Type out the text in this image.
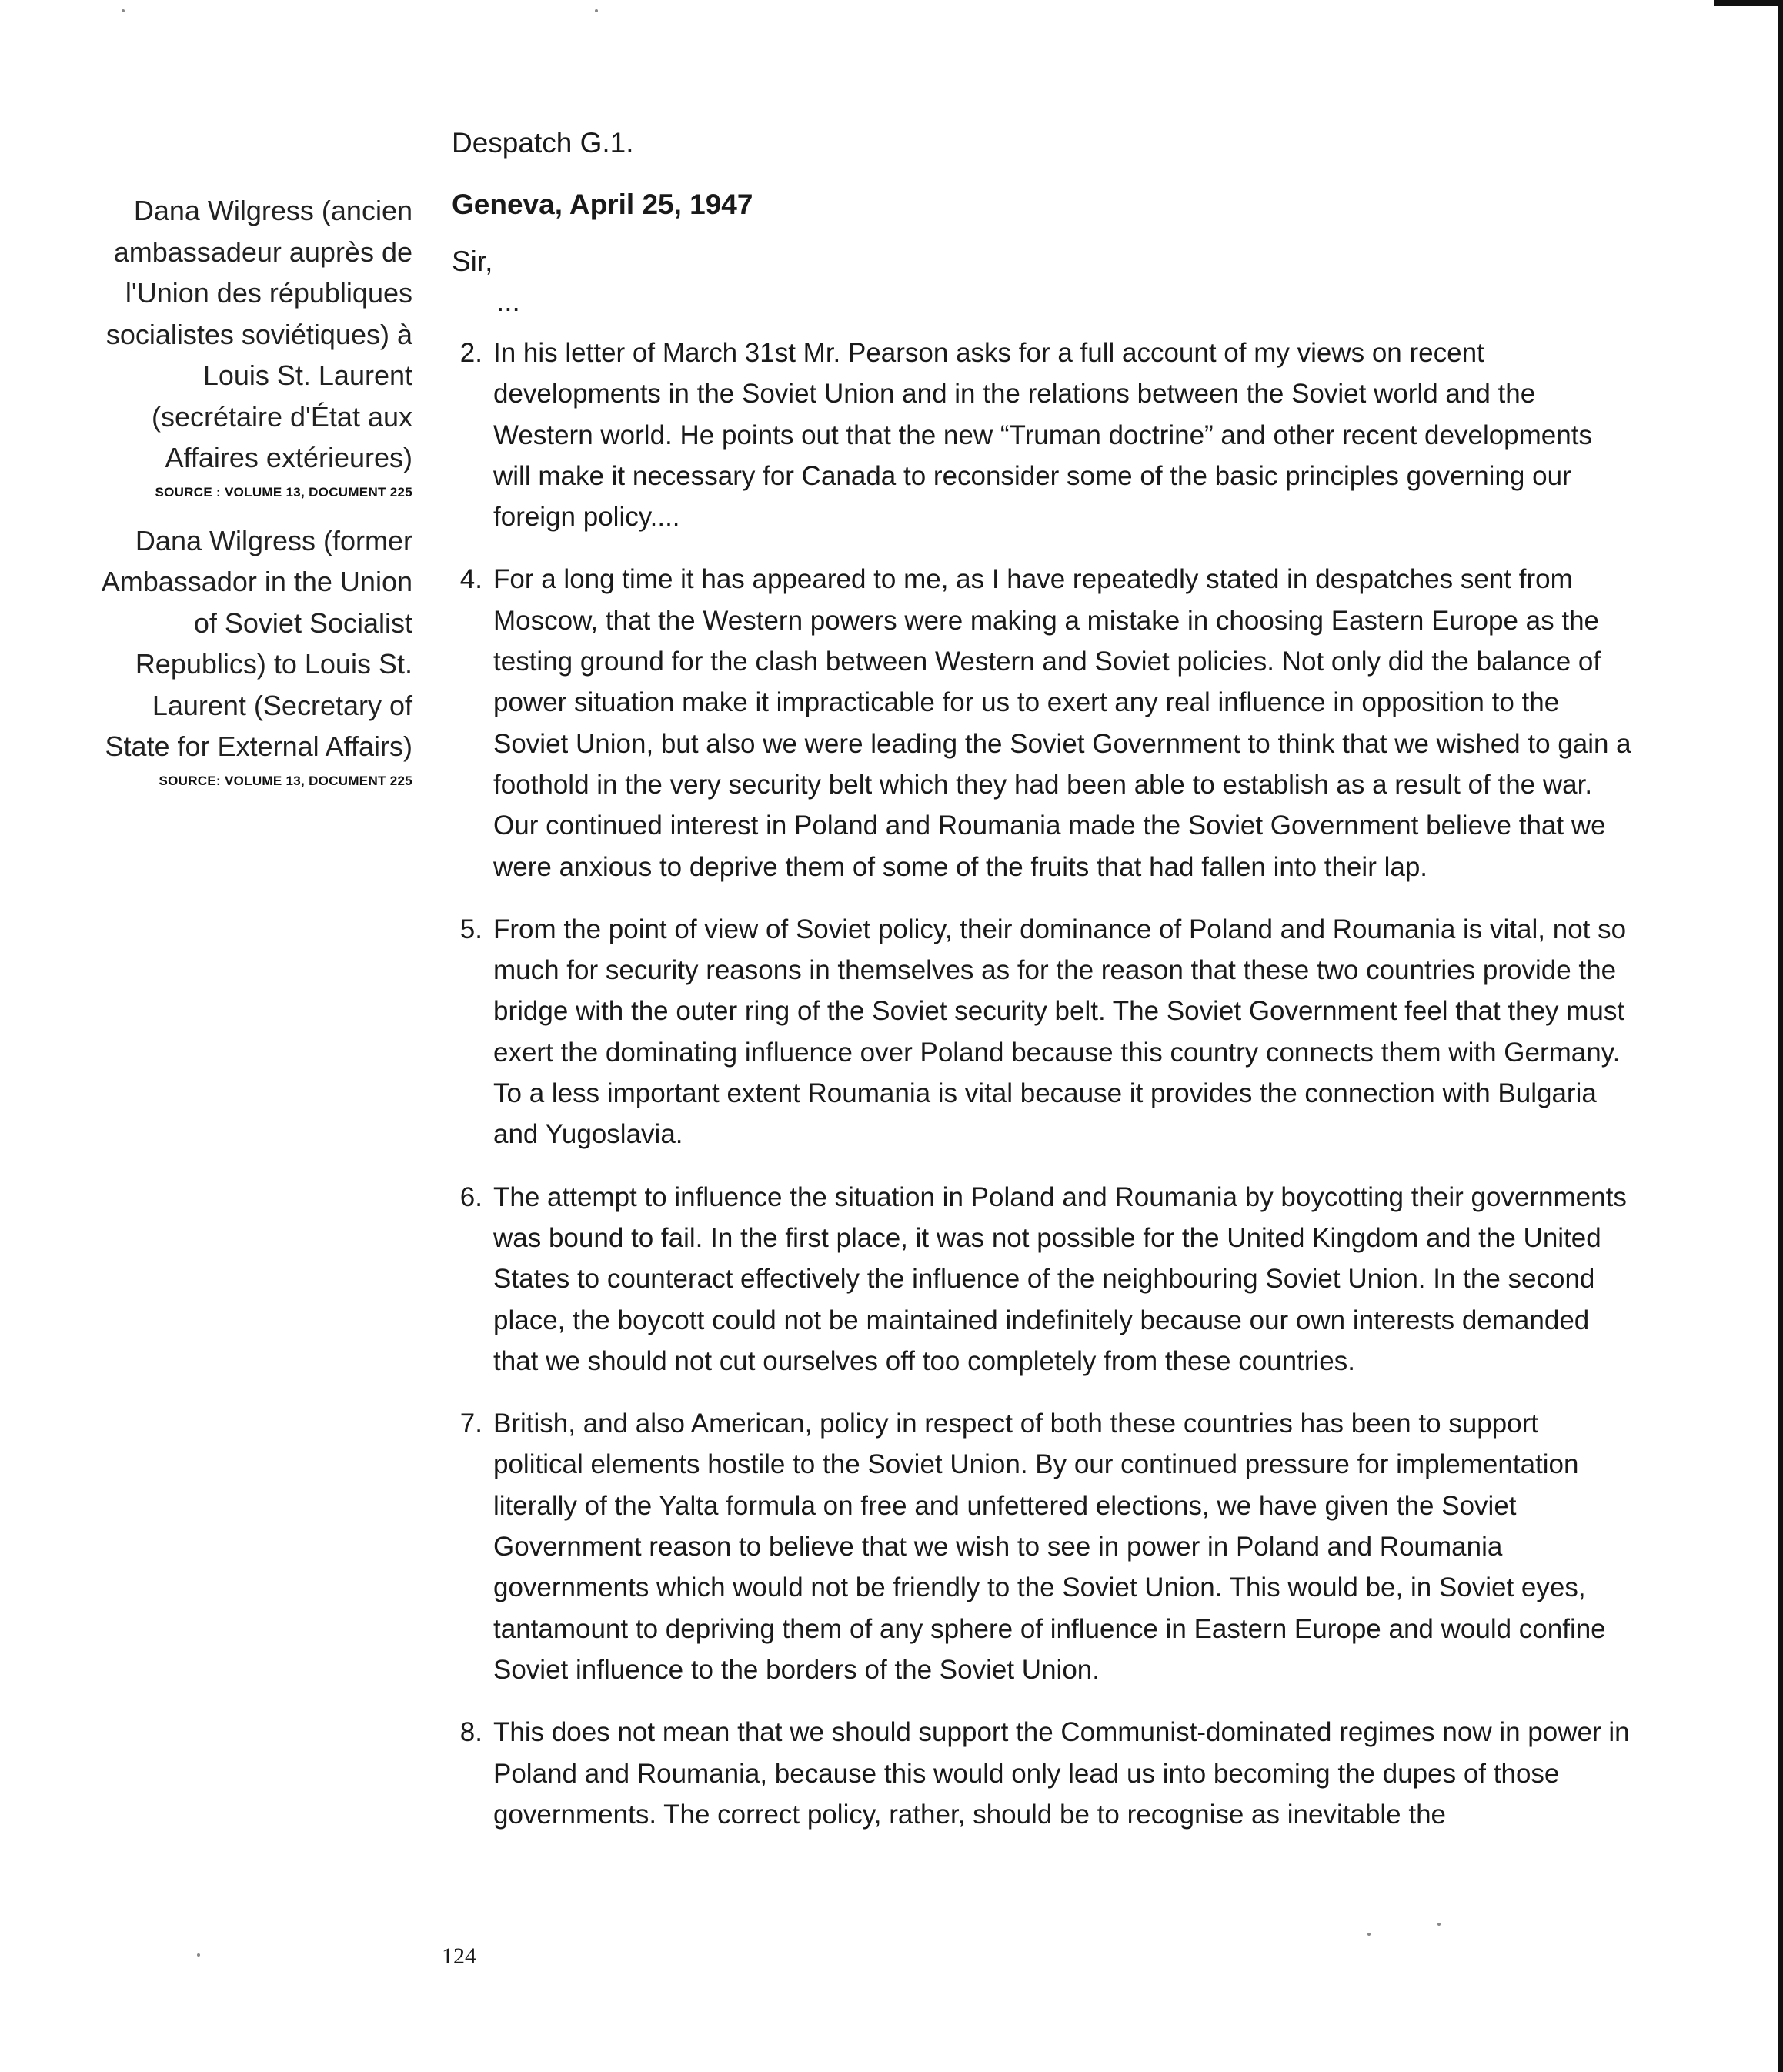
Dana Wilgress (ancien
ambassadeur auprès de
l'Union des républiques
socialistes soviétiques) à
Louis St. Laurent
(secrétaire d'État aux
Affaires extérieures)
SOURCE : VOLUME 13, DOCUMENT 225
Dana Wilgress (former
Ambassador in the Union
of Soviet Socialist
Republics) to Louis St.
Laurent (Secretary of
State for External Affairs)
SOURCE: VOLUME 13, DOCUMENT 225

Despatch G.1.

Geneva, April 25, 1947

Sir,

...

2. In his letter of March 31st Mr. Pearson asks for a full account of my views on recent developments in the Soviet Union and in the relations between the Soviet world and the Western world. He points out that the new “Truman doctrine” and other recent developments will make it necessary for Canada to reconsider some of the basic principles governing our foreign policy....
4. For a long time it has appeared to me, as I have repeatedly stated in despatches sent from Moscow, that the Western powers were making a mistake in choosing Eastern Europe as the testing ground for the clash between Western and Soviet policies. Not only did the balance of power situation make it impracticable for us to exert any real influence in opposition to the Soviet Union, but also we were leading the Soviet Government to think that we wished to gain a foothold in the very security belt which they had been able to establish as a result of the war. Our continued interest in Poland and Roumania made the Soviet Government believe that we were anxious to deprive them of some of the fruits that had fallen into their lap.
5. From the point of view of Soviet policy, their dominance of Poland and Roumania is vital, not so much for security reasons in themselves as for the reason that these two countries provide the bridge with the outer ring of the Soviet security belt. The Soviet Government feel that they must exert the dominating influence over Poland because this country connects them with Germany. To a less important extent Roumania is vital because it provides the connection with Bulgaria and Yugoslavia.
6. The attempt to influence the situation in Poland and Roumania by boycotting their governments was bound to fail. In the first place, it was not possible for the United Kingdom and the United States to counteract effectively the influence of the neighbouring Soviet Union. In the second place, the boycott could not be maintained indefinitely because our own interests demanded that we should not cut ourselves off too completely from these countries.
7. British, and also American, policy in respect of both these countries has been to support political elements hostile to the Soviet Union. By our continued pressure for implementation literally of the Yalta formula on free and unfettered elections, we have given the Soviet Government reason to believe that we wish to see in power in Poland and Roumania governments which would not be friendly to the Soviet Union. This would be, in Soviet eyes, tantamount to depriving them of any sphere of influence in Eastern Europe and would confine Soviet influence to the borders of the Soviet Union.
8. This does not mean that we should support the Communist-dominated regimes now in power in Poland and Roumania, because this would only lead us into becoming the dupes of those governments. The correct policy, rather, should be to recognise as inevitable the
124
